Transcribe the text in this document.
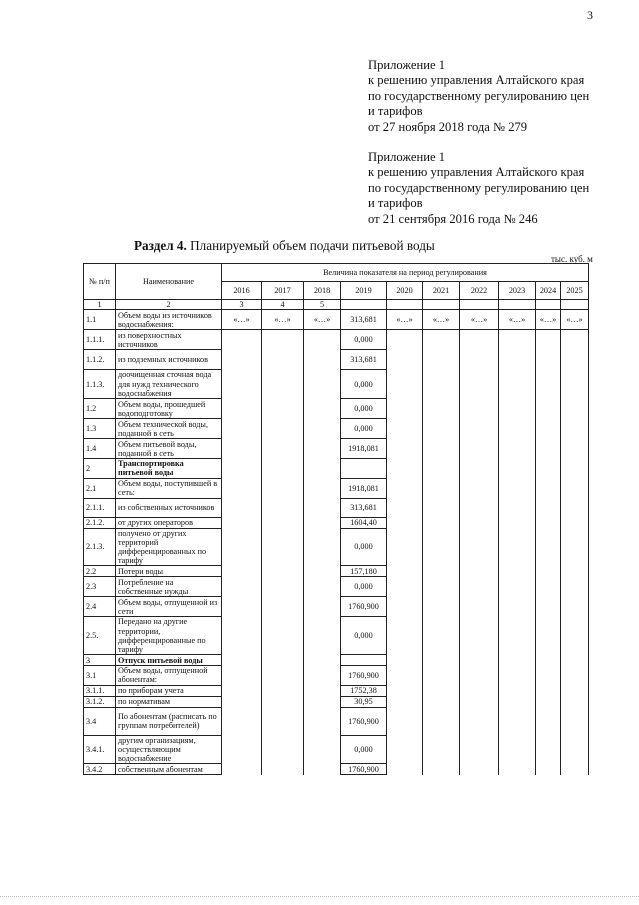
3
Приложение 1
к решению управления Алтайского края
по государственному регулированию цен
и тарифов
от 27 ноября 2018 года № 279
Приложение 1
к решению управления Алтайского края
по государственному регулированию цен
и тарифов
от 21 сентября 2016 года № 246
Раздел 4. Планируемый объем подачи питьевой воды
тыс. куб. м
№ п/п	Наименование	Величина показателя на период регулирования									
		2016	2017	2018	2019	2020	2021	2022	2023	2024	2025
1	2	3	4	5							
1.1	Объем воды из источников водоснабжения:	«…»	«…»	«…»	313,681	«…»	«…»	«…»	«…»	«…»	«…»
1.1.1.	из поверхностных источников				0,000						
1.1.2.	из подземных источников				313,681						
1.1.3.	доочищенная сточная вода для нужд технического водоснабжения				0,000						
1.2	Объем воды, прошедшей водоподготовку				0,000						
1.3	Объем технической воды, поданной в сеть				0,000						
1.4	Объем питьевой воды, поданной в сеть				1918,081						
2	Транспортировка питьевой воды										
2.1	Объем воды, поступившей в сеть:				1918,081						
2.1.1.	из собственных источников				313,681						
2.1.2.	от других операторов				1604,40						
2.1.3.	получено от других территорий дифференцированных по тарифу				0,000						
2.2	Потери воды				157,180						
2.3	Потребление на собственные нужды				0,000						
2.4	Объем воды, отпущенной из сети				1760,900						
2.5.	Передано на другие территории, дифференцированные по тарифу				0,000						
3	Отпуск питьевой воды										
3.1	Объем воды, отпущенной абонентам:				1760,900						
3.1.1.	по приборам учета				1752,38						
3.1.2.	по нормативам				30,95						
3.4	По абонентам (расписать по группам потребителей)				1760,900						
3.4.1.	другим организациям, осуществляющим водоснабжение				0,000						
3.4.2	собственным абонентам				1760,900						
